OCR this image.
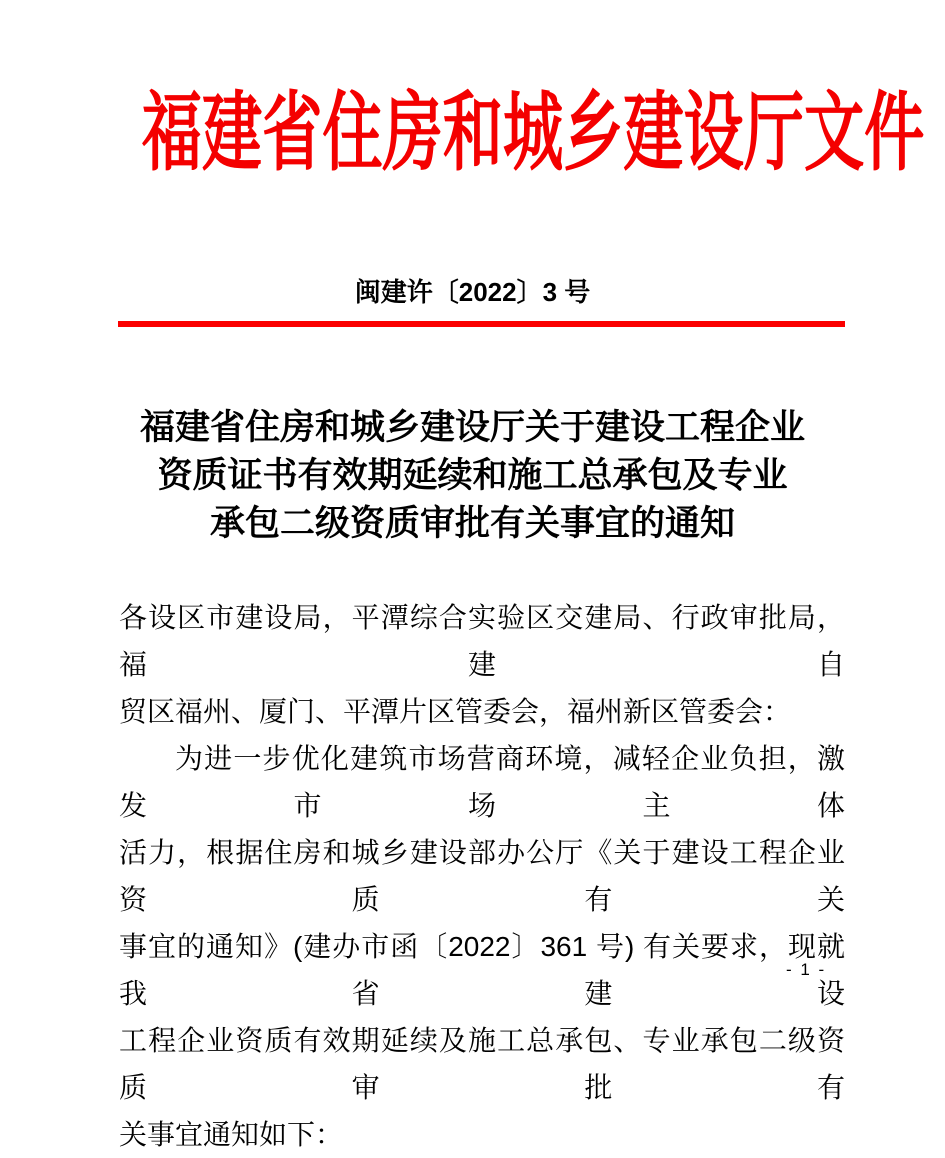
福建省住房和城乡建设厅文件
闽建许〔2022〕3 号
福建省住房和城乡建设厅关于建设工程企业
资质证书有效期延续和施工总承包及专业
承包二级资质审批有关事宜的通知
各设区市建设局，平潭综合实验区交建局、行政审批局，福建自
贸区福州、厦门、平潭片区管委会，福州新区管委会：
为进一步优化建筑市场营商环境，减轻企业负担，激发市场主体
活力，根据住房和城乡建设部办公厅《关于建设工程企业资质有关
事宜的通知》(建办市函〔2022〕361 号) 有关要求，现就我省建设
工程企业资质有效期延续及施工总承包、专业承包二级资质审批有
关事宜通知如下：
- 1 -
